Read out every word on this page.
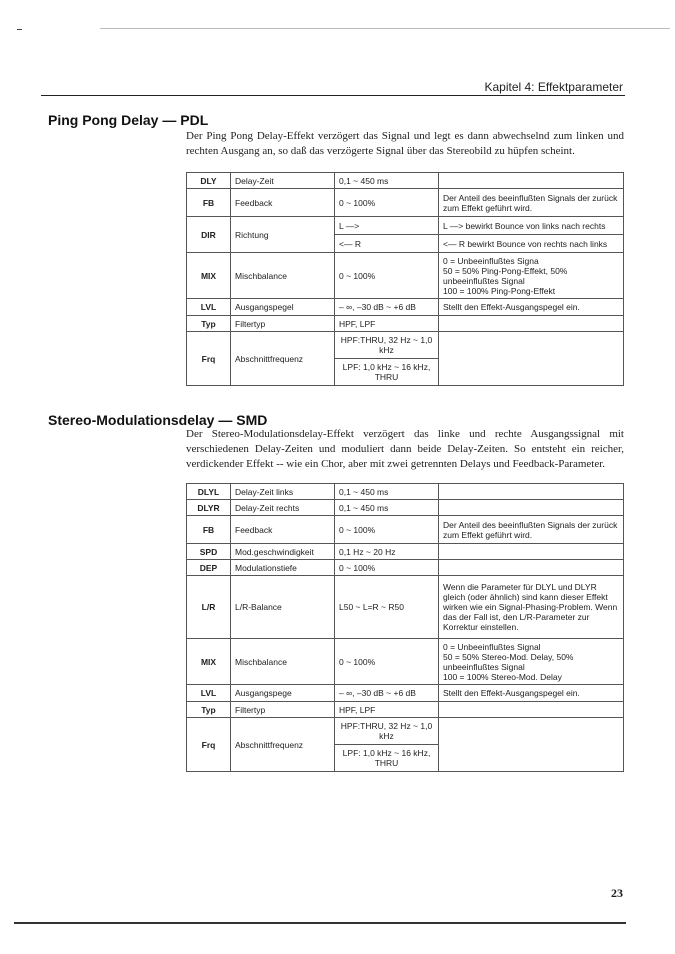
Kapitel 4: Effektparameter
Ping Pong Delay — PDL
Der Ping Pong Delay-Effekt verzögert das Signal und legt es dann abwechselnd zum linken und rechten Ausgang an, so daß das verzögerte Signal über das Stereobild zu hüpfen scheint.
DLY	Delay-Zeit	0,1 ~ 450 ms	
FB	Feedback	0 ~ 100%	Der Anteil des beeinflußten Signals der zurück zum Effekt geführt wird.
DIR	Richtung	L —>	L —> bewirkt Bounce von links nach rechts
		<— R	<— R bewirkt Bounce von rechts nach links
MIX	Mischbalance	0 ~ 100%	0 = Unbeeinflußtes Signa
50 = 50% Ping-Pong-Effekt, 50% unbeeinflußtes Signal
100 = 100% Ping-Pong-Effekt
LVL	Ausgangspegel	– ∞, –30 dB ~ +6 dB	Stellt den Effekt-Ausgangspegel ein.
Typ	Filtertyp	HPF, LPF	
Frq	Abschnittfrequenz	HPF:THRU, 32 Hz ~ 1,0 kHz	
		LPF: 1,0 kHz ~ 16 kHz, THRU	
Stereo-Modulationsdelay — SMD
Der Stereo-Modulationsdelay-Effekt verzögert das linke und rechte Ausgangssignal mit verschiedenen Delay-Zeiten und moduliert dann beide Delay-Zeiten. So entsteht ein reicher, verdickender Effekt -- wie ein Chor, aber mit zwei getrennten Delays und Feedback-Parameter.
DLYL	Delay-Zeit links	0,1 ~ 450 ms	
DLYR	Delay-Zeit rechts	0,1 ~ 450 ms	
FB	Feedback	0 ~ 100%	Der Anteil des beeinflußten Signals der zurück zum Effekt geführt wird.
SPD	Mod.geschwindigkeit	0,1 Hz ~ 20 Hz	
DEP	Modulationstiefe	0 ~ 100%	
L/R	L/R-Balance	L50 ~ L=R ~ R50	Wenn die Parameter für DLYL und DLYR gleich (oder ähnlich) sind kann dieser Effekt wirken wie ein Signal-Phasing-Problem. Wenn das der Fall ist, den L/R-Parameter zur Korrektur einstellen.
MIX	Mischbalance	0 ~ 100%	0 = Unbeeinflußtes Signal
50 = 50% Stereo-Mod. Delay, 50% unbeeinflußtes Signal
100 = 100% Stereo-Mod. Delay
LVL	Ausgangspege	– ∞, –30 dB ~ +6 dB	Stellt den Effekt-Ausgangspegel ein.
Typ	Filtertyp	HPF, LPF	
Frq	Abschnittfrequenz	HPF:THRU, 32 Hz ~ 1,0 kHz	
		LPF: 1,0 kHz ~ 16 kHz, THRU	
23
